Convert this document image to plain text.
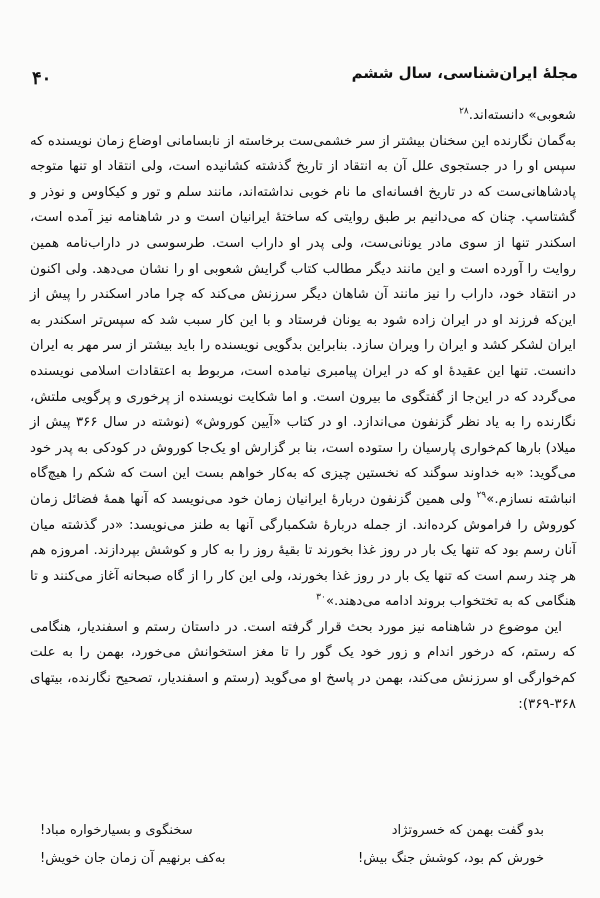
۴۰	مجلهٔ ایران‌شناسی، سال ششم

شعوبی» دانسته‌اند.$^{۲۸}$

به‌گمان نگارنده این سخنان بیشتر از سر خشمی‌ست برخاسته از نابسامانی اوضاع زمان نویسنده که سپس او را در جستجوی علل آن به انتقاد از تاریخ گذشته کشانیده است، ولی انتقاد او تنها متوجه پادشاهانی‌ست که در تاریخ افسانه‌ای ما نام خوبی نداشته‌اند، مانند سلم و تور و کیکاوس و نوذر و گشتاسپ. چنان که می‌دانیم بر طبق روایتی که ساختهٔ ایرانیان است و در شاهنامه نیز آمده است، اسکندر تنها از سوی مادر یونانی‌ست، ولی پدر او داراب است. طرسوسی در داراب‌نامه همین روایت را آورده است و این مانند دیگر مطالب کتاب گرایش شعوبی او را نشان می‌دهد. ولی اکنون در انتقاد خود، داراب را نیز مانند آن شاهان دیگر سرزنش می‌کند که چرا مادر اسکندر را پیش از این‌که فرزند او در ایران زاده شود به یونان فرستاد و با این کار سبب شد که سپس‌تر اسکندر به ایران لشکر کشد و ایران را ویران سازد. بنابراین بدگویی نویسنده را باید بیشتر از سر مهر به ایران دانست. تنها این عقیدهٔ او که در ایران پیامبری نیامده است، مربوط به اعتقادات اسلامی نویسنده می‌گردد که در این‌جا از گفتگوی ما بیرون است. و اما شکایت نویسنده از پرخوری و پرگویی ملتش، نگارنده را به یاد نظر گزنفون می‌اندازد. او در کتاب «آیین کوروش» (نوشته در سال ۳۶۶ پیش از میلاد) بارها کم‌خواری پارسیان را ستوده است، بنا بر گزارش او یک‌جا کوروش در کودکی به پدر خود می‌گوید: «به خداوند سوگند که نخستین چیزی که به‌کار خواهم بست این است که شکم را هیچ‌گاه انباشته نسازم.»$^{۲۹}$ ولی همین گزنفون دربارهٔ ایرانیان زمان خود می‌نویسد که آنها همهٔ فضائل زمان کوروش را فراموش کرده‌اند. از جمله دربارهٔ شکمبارگی آنها به طنز می‌نویسد: «در گذشته میان آنان رسم بود که تنها یک بار در روز غذا بخورند تا بقیهٔ روز را به کار و کوشش بپردازند. امروزه هم هر چند رسم است که تنها یک بار در روز غذا بخورند، ولی این کار را از گاه صبحانه آغاز می‌کنند و تا هنگامی که به تختخواب بروند ادامه می‌دهند.»$^{۳۰}$

این موضوع در شاهنامه نیز مورد بحث قرار گرفته است. در داستان رستم و اسفندیار، هنگامی که رستم، که درخور اندام و زور خود یک گور را تا مغز استخوانش می‌خورد، بهمن را به علت کم‌خوارگی او سرزنش می‌کند، بهمن در پاسخ او می‌گوید (رستم و اسفندیار، تصحیح نگارنده، بیتهای ۳۶۸-۳۶۹):

بدو گفت بهمن که خسروتژاد
سخنگوی و بسیارخواره مباد!
خورش کم بود، کوشش جنگ بیش!
به‌کف برنهیم آن زمان جان خویش!
